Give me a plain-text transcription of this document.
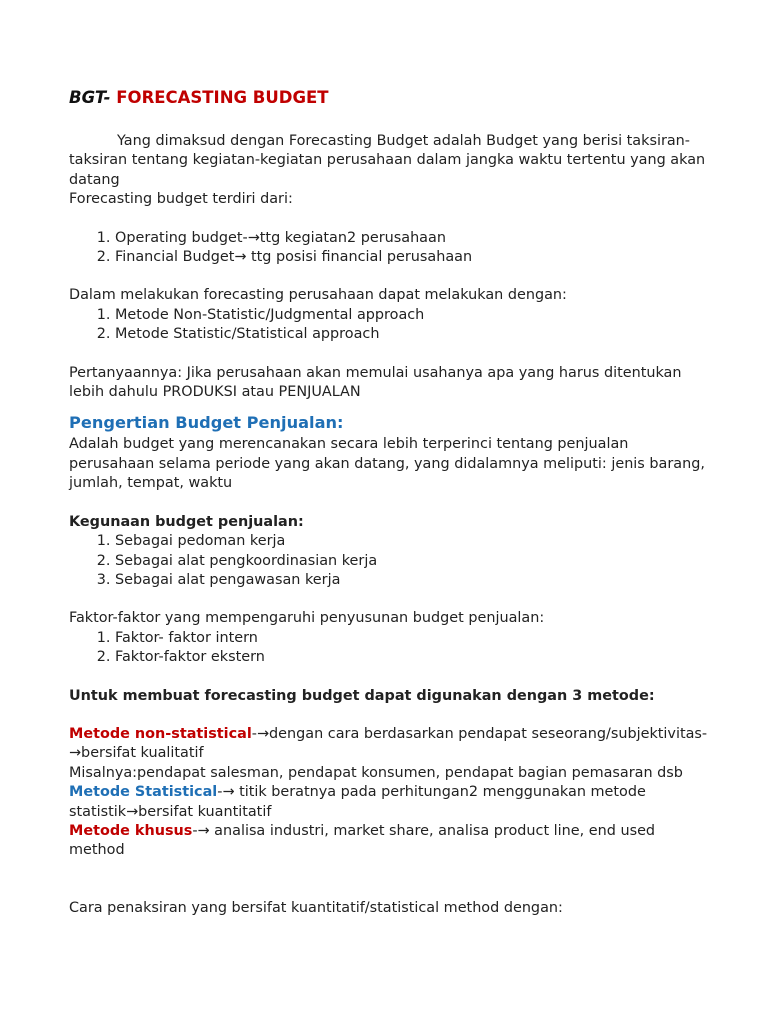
BGT- FORECASTING BUDGET

Yang dimaksud dengan Forecasting Budget adalah Budget yang berisi taksiran-taksiran tentang kegiatan-kegiatan perusahaan dalam jangka waktu tertentu yang akan datang

Forecasting budget terdiri dari:

1. Operating budget-→ttg kegiatan2 perusahaan
2. Financial Budget→ ttg posisi financial perusahaan

Dalam melakukan forecasting perusahaan dapat melakukan dengan:

1. Metode Non-Statistic/Judgmental approach
2. Metode Statistic/Statistical approach

Pertanyaannya: Jika perusahaan akan memulai usahanya apa yang harus ditentukan lebih dahulu PRODUKSI atau PENJUALAN

Pengertian Budget Penjualan:

Adalah budget yang merencanakan secara lebih terperinci tentang penjualan perusahaan selama periode yang akan datang, yang didalamnya meliputi: jenis barang, jumlah, tempat, waktu

Kegunaan budget penjualan:

1. Sebagai pedoman kerja
2. Sebagai alat pengkoordinasian kerja
3. Sebagai alat pengawasan kerja

Faktor-faktor yang mempengaruhi penyusunan budget penjualan:

1. Faktor- faktor intern
2. Faktor-faktor ekstern

Untuk membuat forecasting budget dapat digunakan dengan 3 metode:

Metode non-statistical-→dengan cara berdasarkan pendapat seseorang/subjektivitas-→bersifat kualitatif

Misalnya:pendapat salesman, pendapat konsumen, pendapat bagian pemasaran dsb

Metode Statistical-→ titik beratnya pada perhitungan2 menggunakan metode statistik→bersifat kuantitatif

Metode khusus-→ analisa industri, market share, analisa product line, end used method

Cara penaksiran yang bersifat kuantitatif/statistical method dengan:
